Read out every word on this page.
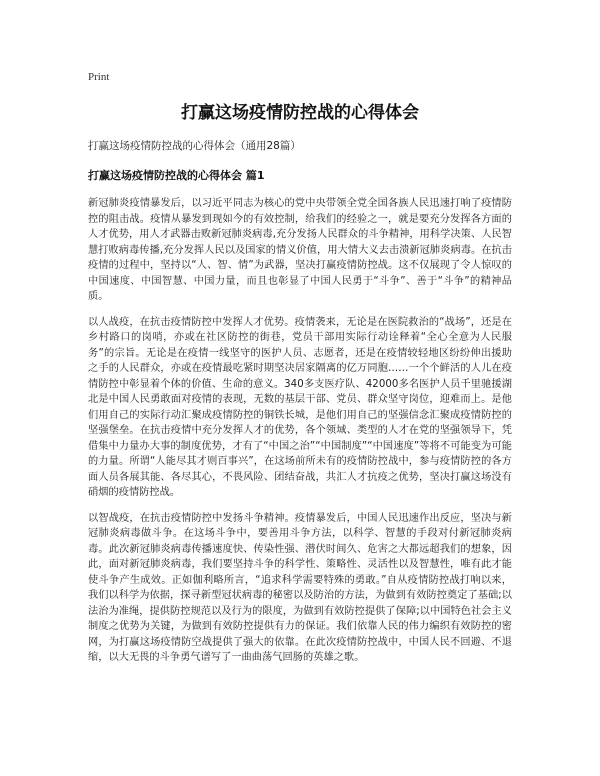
Print
打赢这场疫情防控战的心得体会
打赢这场疫情防控战的心得体会（通用28篇）
打赢这场疫情防控战的心得体会 篇1

新冠肺炎疫情暴发后，以习近平同志为核心的党中央带领全党全国各族人民迅速打响了疫情防控的阻击战。疫情从暴发到现如今的有效控制，给我们的经验之一，就是要充分发挥各方面的人才优势，用人才武器击败新冠肺炎病毒,充分发扬人民群众的斗争精神，用科学决策、人民智慧打败病毒传播,充分发挥人民以及国家的情义价值，用大情大义去击溃新冠肺炎病毒。在抗击疫情的过程中，坚持以“人、智、情”为武器，坚决打赢疫情防控战。这不仅展现了令人惊叹的中国速度、中国智慧、中国力量，而且也彰显了中国人民勇于“斗争”、善于“斗争”的精神品质。

以人战疫，在抗击疫情防控中发挥人才优势。疫情袭来，无论是在医院救治的“战场”，还是在乡村路口的岗哨，亦或在社区防控的街巷，党员干部用实际行动诠释着“全心全意为人民服务”的宗旨。无论是在疫情一线坚守的医护人员、志愿者，还是在疫情较轻地区纷纷伸出援助之手的人民群众，亦或在疫情最吃紧时期坚决居家隔离的亿万同胞……一个个鲜活的人儿在疫情防控中彰显着个体的价值、生命的意义。340多支医疗队、42000多名医护人员千里驰援湖北是中国人民勇敢面对疫情的表现，无数的基层干部、党员、群众坚守岗位，迎难而上。是他们用自己的实际行动汇聚成疫情防控的铜铁长城，是他们用自己的坚强信念汇聚成疫情防控的坚强堡垒。在抗击疫情中充分发挥人才的优势，各个领域、类型的人才在党的坚强领导下，凭借集中力量办大事的制度优势，才有了“中国之治”“中国制度”“中国速度”等将不可能变为可能的力量。所谓“人能尽其才则百事兴”，在这场前所未有的疫情防控战中，参与疫情防控的各方面人员各展其能、各尽其心，不畏风险、团结奋战，共汇人才抗疫之优势，坚决打赢这场没有硝烟的疫情防控战。

以智战疫，在抗击疫情防控中发扬斗争精神。疫情暴发后，中国人民迅速作出反应，坚决与新冠肺炎病毒做斗争。在这场斗争中，要善用斗争方法，以科学、智慧的手段对付新冠肺炎病毒。此次新冠肺炎病毒传播速度快、传染性强、潜伏时间久、危害之大都远超我们的想象，因此，面对新冠肺炎病毒，我们要坚持斗争的科学性、策略性、灵活性以及智慧性，唯有此才能使斗争产生成效。正如伽利略所言，“追求科学需要特殊的勇敢。”自从疫情防控战打响以来，我们以科学为依据，探寻新型冠状病毒的秘密以及防治的方法，为做到有效防控奠定了基础;以法治为准绳，提供防控规范以及行为的限度，为做到有效防控提供了保障;以中国特色社会主义制度之优势为关键，为做到有效防控提供有力的保证。我们依靠人民的伟力编织有效防控的密网，为打赢这场疫情防空战提供了强大的依靠。在此次疫情防控战中，中国人民不回避、不退缩，以大无畏的斗争勇气谱写了一曲曲荡气回肠的英雄之歌。
